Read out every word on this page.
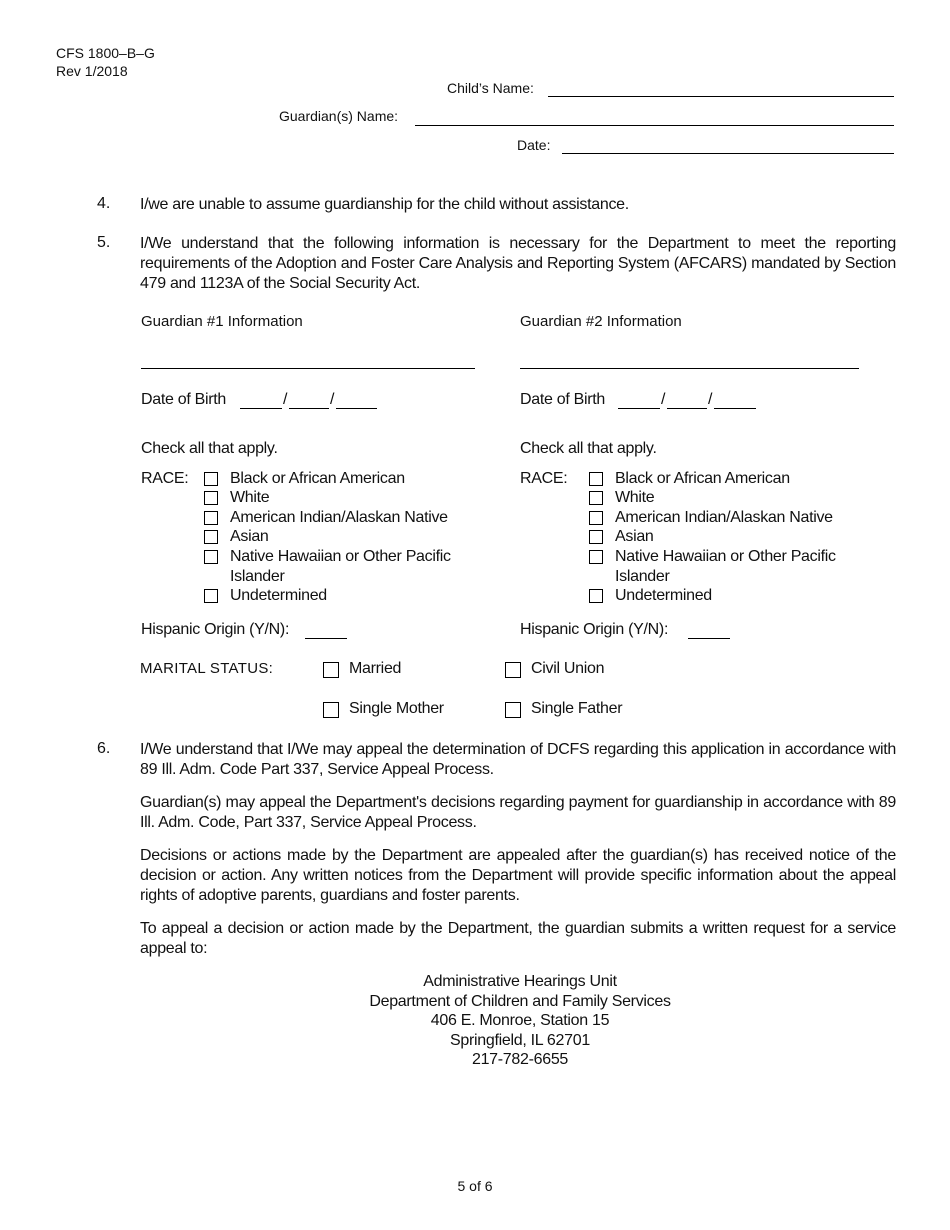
CFS 1800–B–G
Rev 1/2018
Child’s Name:
Guardian(s) Name:
Date:
4. I/we are unable to assume guardianship for the child without assistance.
5. I/We understand that the following information is necessary for the Department to meet the reporting requirements of the Adoption and Foster Care Analysis and Reporting System (AFCARS) mandated by Section 479 and 1123A of the Social Security Act.
Guardian #1 Information
Date of Birth	/	/
Check all that apply.
RACE:	Black or African American
White
American Indian/Alaskan Native
Asian
Native Hawaiian or Other Pacific
Islander
Undetermined
Hispanic Origin (Y/N):
Guardian #2 Information
Date of Birth	/	/
Check all that apply.
RACE:	Black or African American
White
American Indian/Alaskan Native
Asian
Native Hawaiian or Other Pacific
Islander
Undetermined
Hispanic Origin (Y/N):
MARITAL STATUS:	Married	Civil Union
Single Mother	Single Father
6. I/We understand that I/We may appeal the determination of DCFS regarding this application in accordance with 89 Ill. Adm. Code Part 337, Service Appeal Process.
Guardian(s) may appeal the Department's decisions regarding payment for guardianship in accordance with 89 Ill. Adm. Code, Part 337, Service Appeal Process.
Decisions or actions made by the Department are appealed after the guardian(s) has received notice of the decision or action. Any written notices from the Department will provide specific information about the appeal rights of adoptive parents, guardians and foster parents.
To appeal a decision or action made by the Department, the guardian submits a written request for a service appeal to:
Administrative Hearings Unit
Department of Children and Family Services
406 E. Monroe, Station 15
Springfield, IL 62701
217-782-6655
5 of 6
